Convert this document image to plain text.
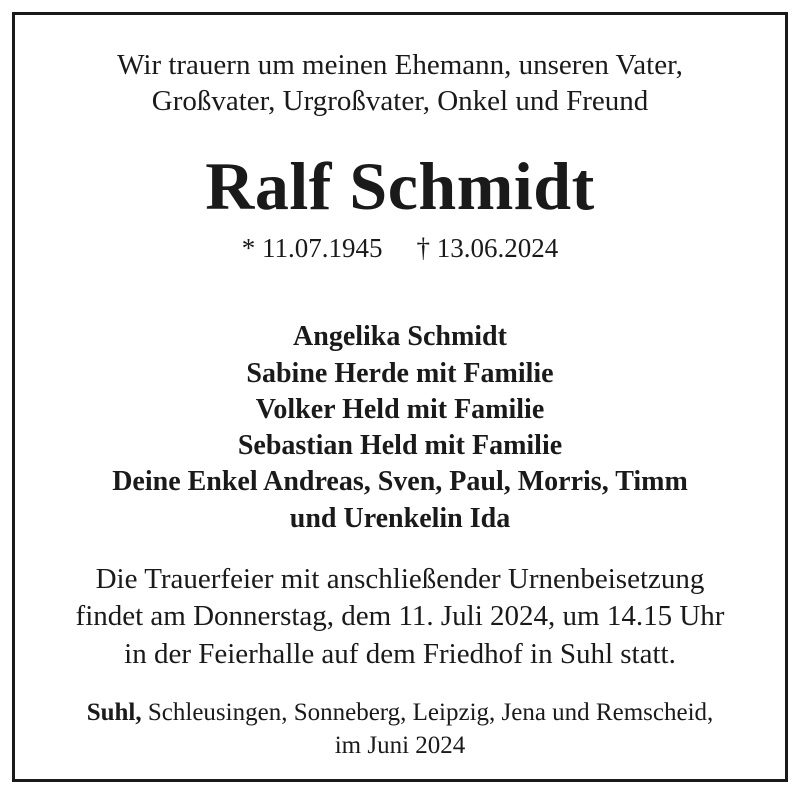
Wir trauern um meinen Ehemann, unseren Vater,
Großvater, Urgroßvater, Onkel und Freund
Ralf Schmidt
* 11.07.1945 † 13.06.2024
Angelika Schmidt
Sabine Herde mit Familie
Volker Held mit Familie
Sebastian Held mit Familie
Deine Enkel Andreas, Sven, Paul, Morris, Timm
und Urenkelin Ida
Die Trauerfeier mit anschließender Urnenbeisetzung
findet am Donnerstag, dem 11. Juli 2024, um 14.15 Uhr
in der Feierhalle auf dem Friedhof in Suhl statt.
Suhl, Schleusingen, Sonneberg, Leipzig, Jena und Remscheid,
im Juni 2024
